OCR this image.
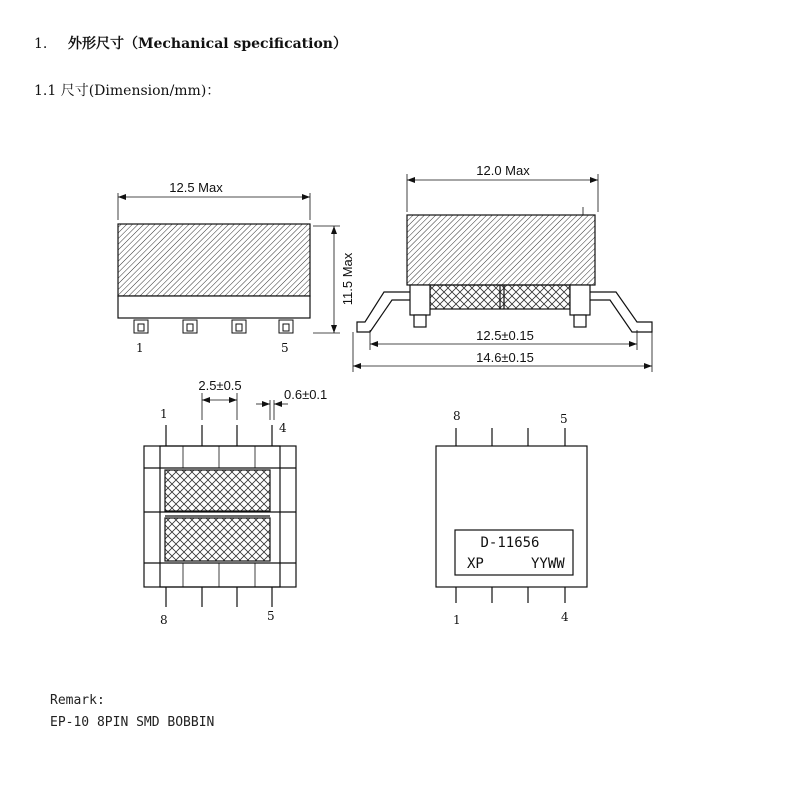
1. 外形尺寸（Mechanical specification）
1.1 尺寸(Dimension/mm)：
12.5 Max
11.5 Max
1	5
12.0 Max
12.5±0.15
14.6±0.15
2.5±0.5
0.6±0.1
1
4
8	5
8	5
D-11656
XP	YYWW
1	4
Remark:
EP-10 8PIN SMD BOBBIN
